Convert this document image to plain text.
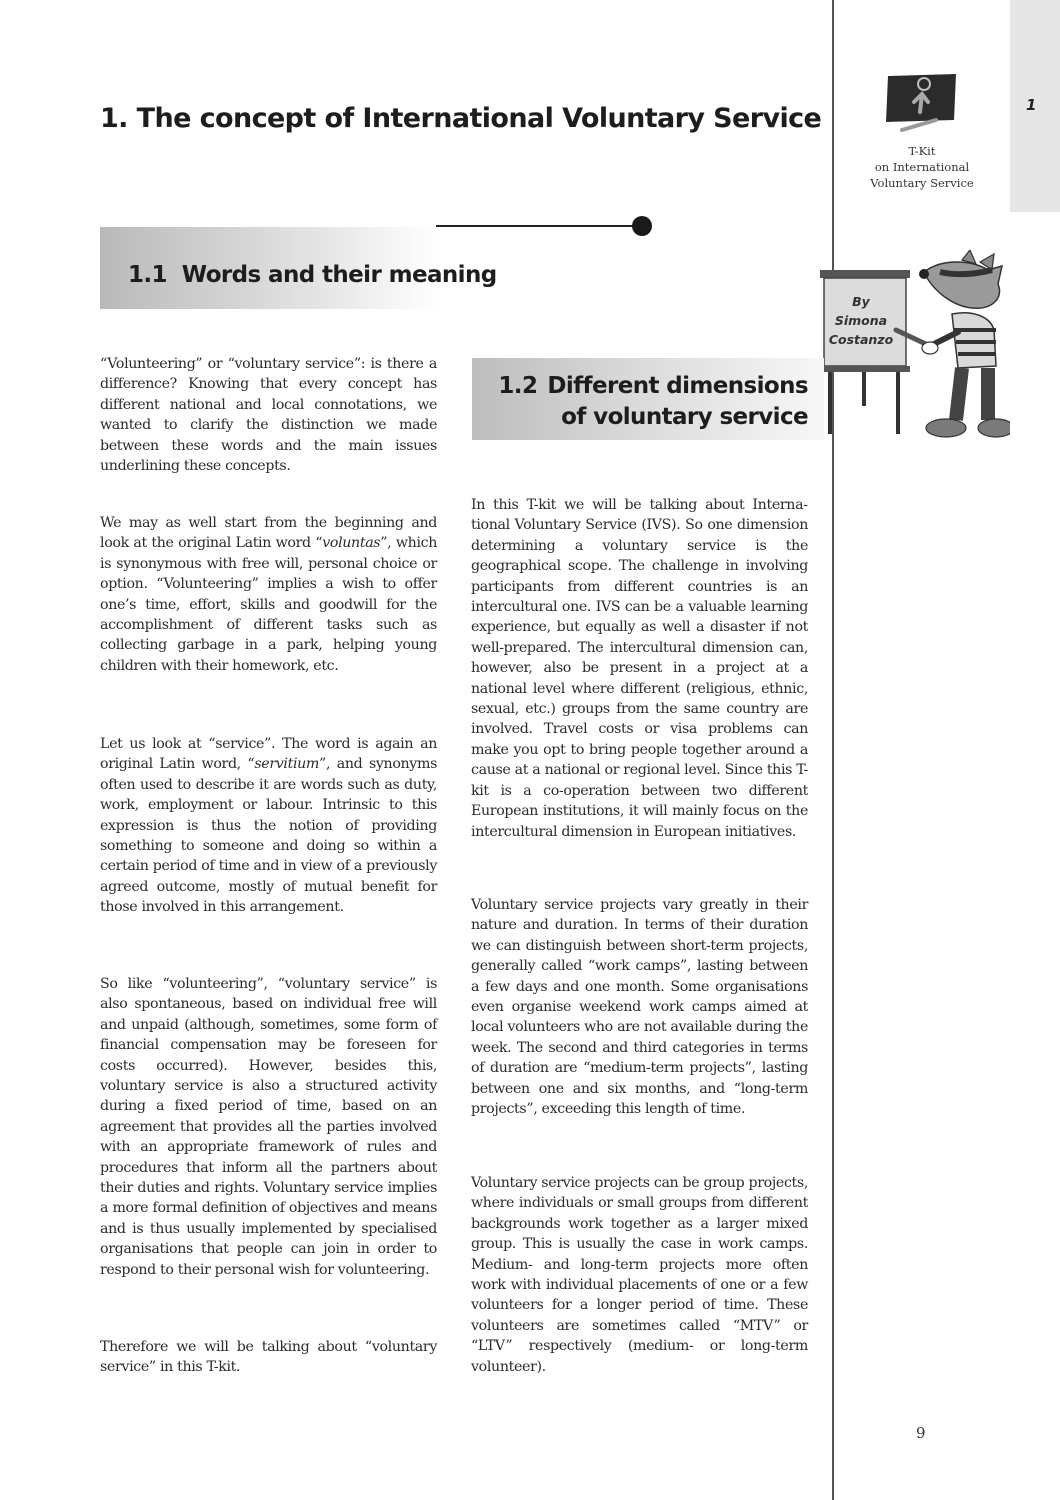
1
1. The concept of International Voluntary Service
T-Kit
on International
Voluntary Service
1.1 Words and their meaning
By
Simona
Costanzo
1.2 Different dimensions
of voluntary service

“Volunteering” or “voluntary service”: is there a difference? Knowing that every concept has different national and local connotations, we wanted to clarify the distinction we made between these words and the main issues underlining these concepts.

We may as well start from the beginning and look at the original Latin word “voluntas”, which is synonymous with free will, personal choice or option. “Volunteering” implies a wish to offer one’s time, effort, skills and goodwill for the accomplishment of different tasks such as collecting garbage in a park, helping young children with their homework, etc.

Let us look at “service”. The word is again an original Latin word, “servitium”, and synonyms often used to describe it are words such as duty, work, employment or labour. Intrinsic to this expression is thus the notion of providing something to someone and doing so within a certain period of time and in view of a previously agreed outcome, mostly of mutual benefit for those involved in this arrangement.

So like “volunteering”, “voluntary service” is also spontaneous, based on individual free will and unpaid (although, sometimes, some form of financial compensation may be foreseen for costs occurred). However, besides this, voluntary service is also a structured activity during a fixed period of time, based on an agreement that provides all the parties involved with an appropriate framework of rules and procedures that inform all the partners about their duties and rights. Voluntary service implies a more formal definition of objectives and means and is thus usually implemented by specialised organisations that people can join in order to respond to their personal wish for volunteering.

Therefore we will be talking about “voluntary service” in this T-kit.

In this T-kit we will be talking about International Voluntary Service (IVS). So one dimension determining a voluntary service is the geographical scope. The challenge in involving participants from different countries is an intercultural one. IVS can be a valuable learning experience, but equally as well a disaster if not well-prepared. The intercultural dimension can, however, also be present in a project at a national level where different (religious, ethnic, sexual, etc.) groups from the same country are involved. Travel costs or visa problems can make you opt to bring people together around a cause at a national or regional level. Since this T-kit is a co-operation between two different European institutions, it will mainly focus on the intercultural dimension in European initiatives.

Voluntary service projects vary greatly in their nature and duration. In terms of their duration we can distinguish between short-term projects, generally called “work camps”, lasting between a few days and one month. Some organisations even organise weekend work camps aimed at local volunteers who are not available during the week. The second and third categories in terms of duration are “medium-term projects”, lasting between one and six months, and “long-term projects”, exceeding this length of time.

Voluntary service projects can be group projects, where individuals or small groups from different backgrounds work together as a larger mixed group. This is usually the case in work camps. Medium- and long-term projects more often work with individual placements of one or a few volunteers for a longer period of time. These volunteers are sometimes called “MTV” or “LTV” respectively (medium- or long-term volunteer).

9
